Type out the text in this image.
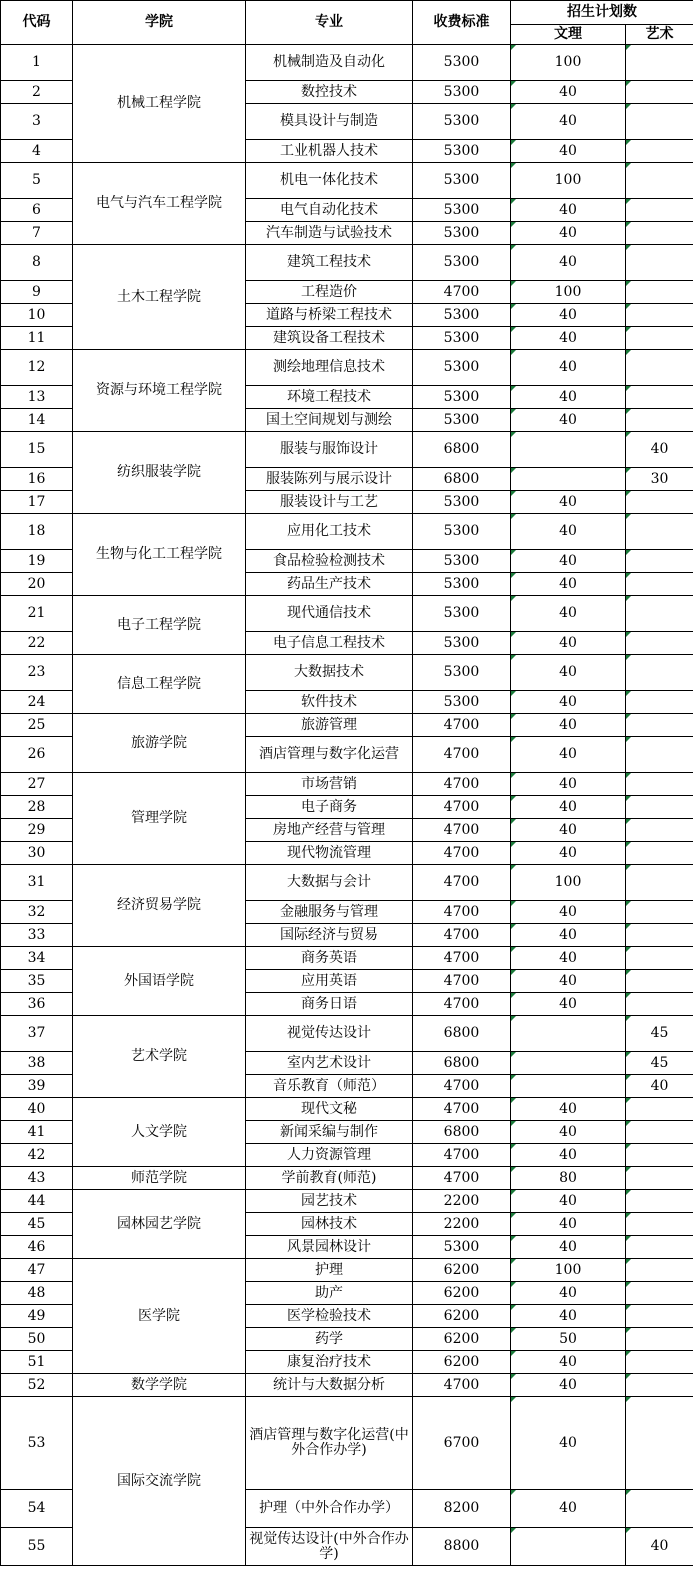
代码	学院	专业	收费标准	招生计划数	
				文理	艺术
1	机械工程学院	机械制造及自动化	5300	100	
2		数控技术	5300	40	
3		模具设计与制造	5300	40	
4		工业机器人技术	5300	40	
5	电气与汽车工程学院	机电一体化技术	5300	100	
6		电气自动化技术	5300	40	
7		汽车制造与试验技术	5300	40	
8	土木工程学院	建筑工程技术	5300	40	
9		工程造价	4700	100	
10		道路与桥梁工程技术	5300	40	
11		建筑设备工程技术	5300	40	
12	资源与环境工程学院	测绘地理信息技术	5300	40	
13		环境工程技术	5300	40	
14		国土空间规划与测绘	5300	40	
15	纺织服装学院	服装与服饰设计	6800		40
16		服装陈列与展示设计	6800		30
17		服装设计与工艺	5300	40	
18	生物与化工工程学院	应用化工技术	5300	40	
19		食品检验检测技术	5300	40	
20		药品生产技术	5300	40	
21	电子工程学院	现代通信技术	5300	40	
22		电子信息工程技术	5300	40	
23	信息工程学院	大数据技术	5300	40	
24		软件技术	5300	40	
25	旅游学院	旅游管理	4700	40	
26		酒店管理与数字化运营	4700	40	
27	管理学院	市场营销	4700	40	
28		电子商务	4700	40	
29		房地产经营与管理	4700	40	
30		现代物流管理	4700	40	
31	经济贸易学院	大数据与会计	4700	100	
32		金融服务与管理	4700	40	
33		国际经济与贸易	4700	40	
34	外国语学院	商务英语	4700	40	
35		应用英语	4700	40	
36		商务日语	4700	40	
37	艺术学院	视觉传达设计	6800		45
38		室内艺术设计	6800		45
39		音乐教育（师范）	4700		40
40	人文学院	现代文秘	4700	40	
41		新闻采编与制作	6800	40	
42		人力资源管理	4700	40	
43	师范学院	学前教育(师范)	4700	80	
44	园林园艺学院	园艺技术	2200	40	
45		园林技术	2200	40	
46		风景园林设计	5300	40	
47	医学院	护理	6200	100	
48		助产	6200	40	
49		医学检验技术	6200	40	
50		药学	6200	50	
51		康复治疗技术	6200	40	
52	数学学院	统计与大数据分析	4700	40	
53	国际交流学院	酒店管理与数字化运营(中外合作办学)	6700	40	
54		护理（中外合作办学）	8200	40	
55		视觉传达设计(中外合作办学)	8800		40
